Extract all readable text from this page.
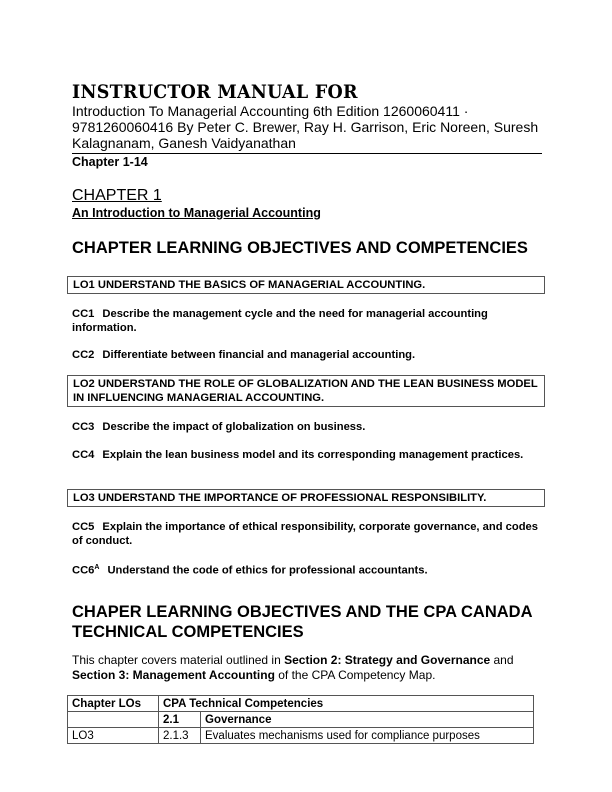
INSTRUCTOR MANUAL FOR
Introduction To Managerial Accounting 6th Edition 1260060411 · 9781260060416 By Peter C. Brewer, Ray H. Garrison, Eric Noreen, Suresh Kalagnanam, Ganesh Vaidyanathan
Chapter 1-14
CHAPTER 1
An Introduction to Managerial Accounting
CHAPTER LEARNING OBJECTIVES AND COMPETENCIES
LO1 UNDERSTAND THE BASICS OF MANAGERIAL ACCOUNTING.
CC1 Describe the management cycle and the need for managerial accounting information.
CC2 Differentiate between financial and managerial accounting.
LO2 UNDERSTAND THE ROLE OF GLOBALIZATION AND THE LEAN BUSINESS MODEL IN INFLUENCING MANAGERIAL ACCOUNTING.
CC3 Describe the impact of globalization on business.
CC4 Explain the lean business model and its corresponding management practices.
LO3 UNDERSTAND THE IMPORTANCE OF PROFESSIONAL RESPONSIBILITY.
CC5 Explain the importance of ethical responsibility, corporate governance, and codes of conduct.
$CC6^A$ Understand the code of ethics for professional accountants.
CHAPER LEARNING OBJECTIVES AND THE CPA CANADA TECHNICAL COMPETENCIES
This chapter covers material outlined in Section 2: Strategy and Governance and Section 3: Management Accounting of the CPA Competency Map.
Chapter LOs	CPA Technical Competencies	
	2.1	Governance
LO3	2.1.3	Evaluates mechanisms used for compliance purposes
